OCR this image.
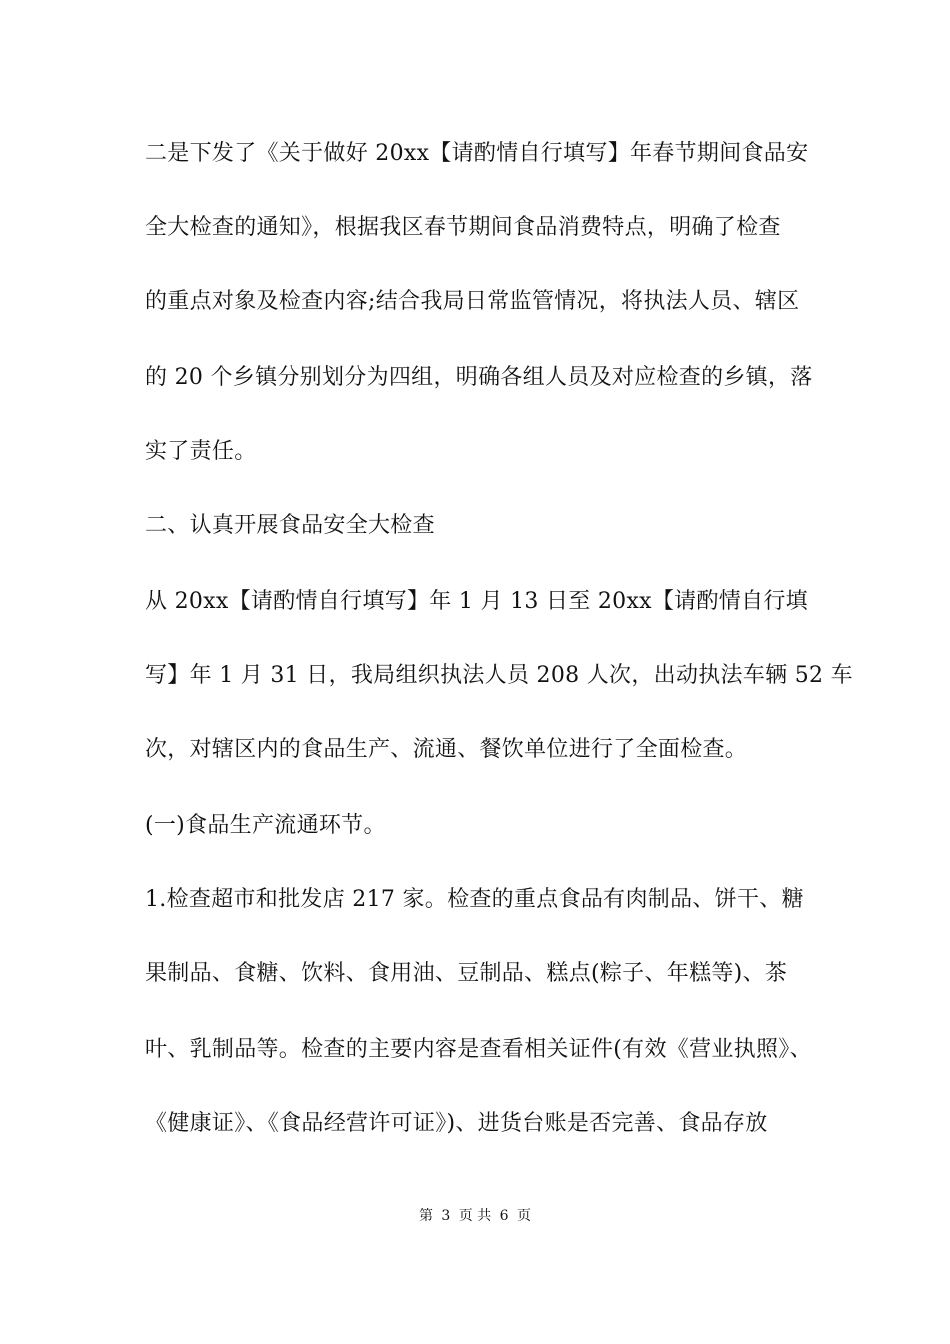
二是下发了《关于做好 20xx【请酌情自行填写】年春节期间食品安
全大检查的通知》，根据我区春节期间食品消费特点，明确了检查
的重点对象及检查内容;结合我局日常监管情况，将执法人员、辖区
的 20 个乡镇分别划分为四组，明确各组人员及对应检查的乡镇，落
实了责任。
二、认真开展食品安全大检查
从 20xx【请酌情自行填写】年 1 月 13 日至 20xx【请酌情自行填
写】年 1 月 31 日，我局组织执法人员 208 人次，出动执法车辆 52 车
次，对辖区内的食品生产、流通、餐饮单位进行了全面检查。
(一)食品生产流通环节。
1.检查超市和批发店 217 家。检查的重点食品有肉制品、饼干、糖
果制品、食糖、饮料、食用油、豆制品、糕点(粽子、年糕等)、茶
叶、乳制品等。检查的主要内容是查看相关证件(有效《营业执照》、
《健康证》、《食品经营许可证》)、进货台账是否完善、食品存放
第 3 页 共 6 页
